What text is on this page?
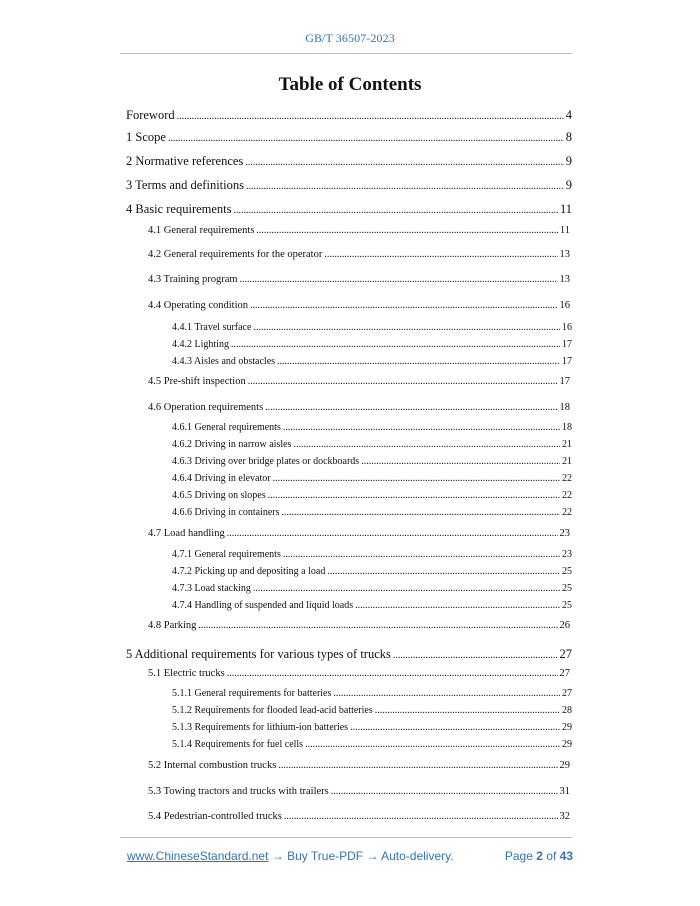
GB/T 36507-2023
Table of Contents
Foreword .....	4
1 Scope .....	8
2 Normative references .....	9
3 Terms and definitions .....	9
4 Basic requirements .....	11
4.1 General requirements .....	11
4.2 General requirements for the operator .....	13
4.3 Training program .....	13
4.4 Operating condition .....	16
4.4.1 Travel surface .....	16
4.4.2 Lighting .....	17
4.4.3 Aisles and obstacles .....	17
4.5 Pre-shift inspection .....	17
4.6 Operation requirements .....	18
4.6.1 General requirements .....	18
4.6.2 Driving in narrow aisles .....	21
4.6.3 Driving over bridge plates or dockboards .....	21
4.6.4 Driving in elevator .....	22
4.6.5 Driving on slopes .....	22
4.6.6 Driving in containers .....	22
4.7 Load handling .....	23
4.7.1 General requirements .....	23
4.7.2 Picking up and depositing a load .....	25
4.7.3 Load stacking .....	25
4.7.4 Handling of suspended and liquid loads .....	25
4.8 Parking .....	26
5 Additional requirements for various types of trucks .....	27
5.1 Electric trucks .....	27
5.1.1 General requirements for batteries .....	27
5.1.2 Requirements for flooded lead-acid batteries .....	28
5.1.3 Requirements for lithium-ion batteries .....	29
5.1.4 Requirements for fuel cells .....	29
5.2 Internal combustion trucks .....	29
5.3 Towing tractors and trucks with trailers .....	31
5.4 Pedestrian-controlled trucks .....	32
www.ChineseStandard.net → Buy True-PDF → Auto-delivery.	Page 2 of 43
